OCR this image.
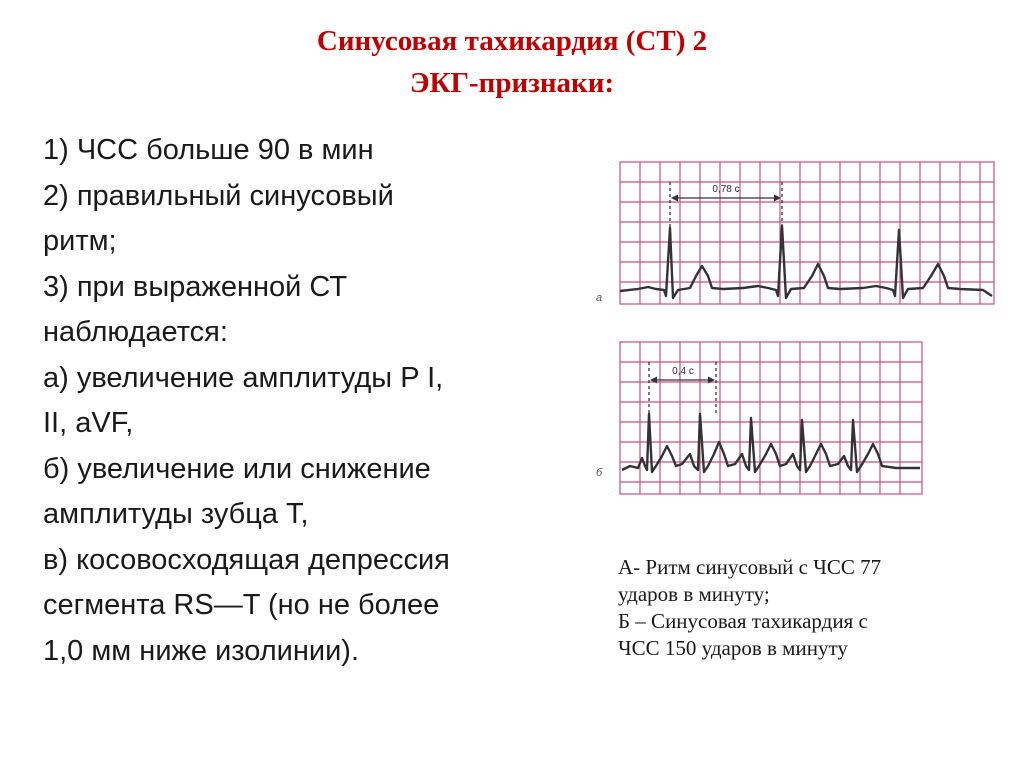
Синусовая тахикардия (СТ) 2
ЭКГ-признаки:
1) ЧСС больше 90 в мин
2) правильный синусовый
ритм;
3) при выраженной СТ
наблюдается:
а) увеличение амплитуды P I,
II, aVF,
б) увеличение или снижение
амплитуды зубца Т,
в) косовосходящая депрессия
сегмента RS—T (но не более
1,0 мм ниже изолинии).
0,78 с
а
0,4 с
б
А- Ритм синусовый с ЧСС 77
ударов в минуту;
Б – Синусовая тахикардия с
ЧСС 150 ударов в минуту
